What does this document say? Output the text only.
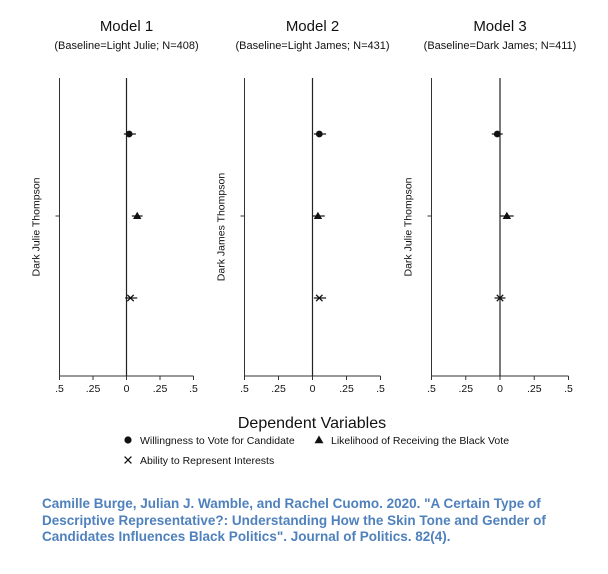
Model 1
(Baseline=Light Julie; N=408)
Dark Julie Thompson
.5 .25 0 .25 .5
Model 2
(Baseline=Light James; N=431)
Dark James Thompson
.5 .25 0 .25 .5
Model 3
(Baseline=Dark James; N=411)
Dark Julie Thompson
.5 .25 0 .25 .5
Dependent Variables
Willingness to Vote for Candidate	Likelihood of Receiving the Black Vote
Ability to Represent Interests
Camille Burge, Julian J. Wamble, and Rachel Cuomo. 2020. "A Certain Type of Descriptive Representative?: Understanding How the Skin Tone and Gender of Candidates Influences Black Politics". Journal of Politics. 82(4).
